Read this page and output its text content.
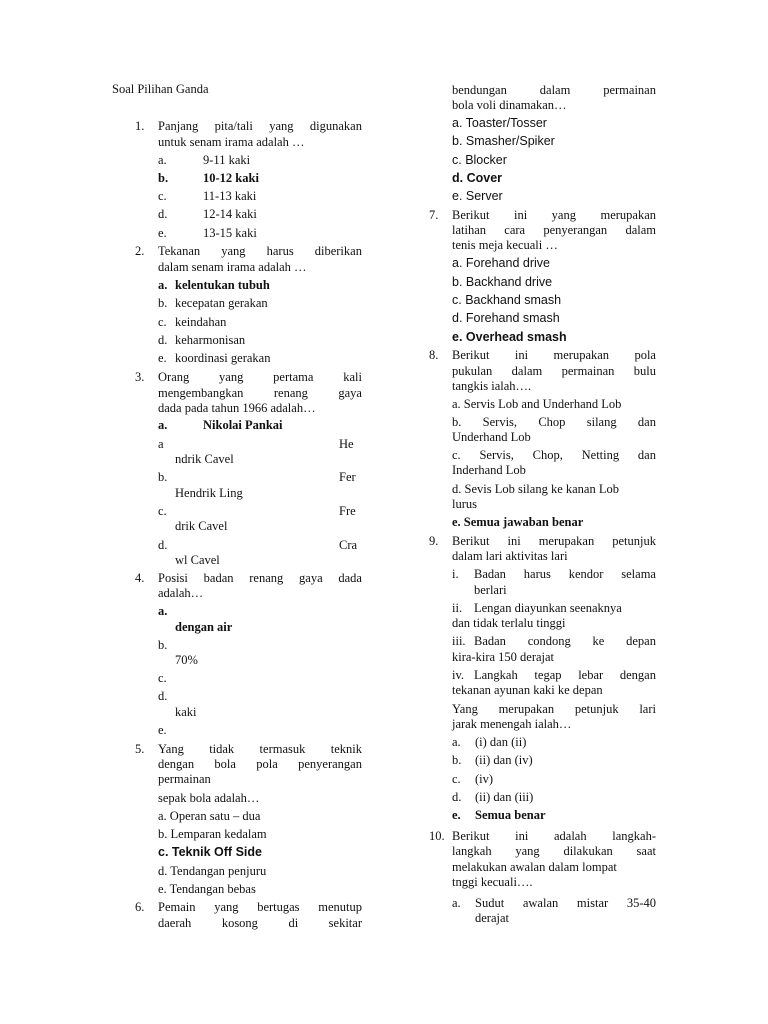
Soal Pilihan Ganda
1. Panjang pita/tali yang digunakan
untuk senam irama adalah …
a.	9-11 kaki
b.	10-12 kaki
c.	11-13 kaki
d.	12-14 kaki
e.	13-15 kaki
2. Tekanan yang harus diberikan
dalam senam irama adalah …
a. kelentukan tubuh
b. kecepatan gerakan
c. keindahan
d. keharmonisan
e. koordinasi gerakan
3. Orang yang pertama kali
mengembangkan renang gaya
dada pada tahun 1966 adalah…
a.	Nikolai Pankai
a	He
ndrik Cavel
b.	Fer
Hendrik Ling
c.	Fre
drik Cavel
d.	Cra
wl Cavel
4. Posisi badan renang gaya dada
adalah…
a.
dengan air
b.
70%
c.
d.
kaki
e.
5. Yang tidak termasuk teknik
dengan bola pola penyerangan
permainan
sepak bola adalah…
a. Operan satu – dua
b. Lemparan kedalam
c. Teknik Off Side
d. Tendangan penjuru
e. Tendangan bebas
6. Pemain yang bertugas menutup
daerah kosong di sekitar
bendungan	dalam	permainan
bola voli dinamakan…
a. Toaster/Tosser
b. Smasher/Spiker
c. Blocker
d. Cover
e. Server
7. Berikut ini yang merupakan
latihan cara penyerangan dalam
tenis meja kecuali …
a. Forehand drive
b. Backhand drive
c. Backhand smash
d. Forehand smash
e. Overhead smash
8. Berikut ini merupakan pola
pukulan dalam permainan bulu
tangkis ialah….
a. Servis Lob and Underhand Lob
b. Servis, Chop silang dan
Underhand Lob
c. Servis, Chop, Netting dan
Inderhand Lob
d. Sevis Lob silang ke kanan Lob
lurus
e. Semua jawaban benar
9. Berikut ini merupakan petunjuk
dalam lari aktivitas lari
i. Badan harus kendor selama
berlari
ii. Lengan diayunkan seenaknya
dan tidak terlalu tinggi
iii. Badan condong ke depan
kira-kira 150 derajat
iv. Langkah tegap lebar dengan
tekanan ayunan kaki ke depan
Yang merupakan petunjuk lari
jarak menengah ialah…
a. (i) dan (ii)
b. (ii) dan (iv)
c. (iv)
d. (ii) dan (iii)
e. Semua benar
10. Berikut ini adalah langkah-
langkah yang dilakukan saat
melakukan awalan dalam lompat
tnggi kecuali….
a. Sudut awalan mistar 35-40
derajat
